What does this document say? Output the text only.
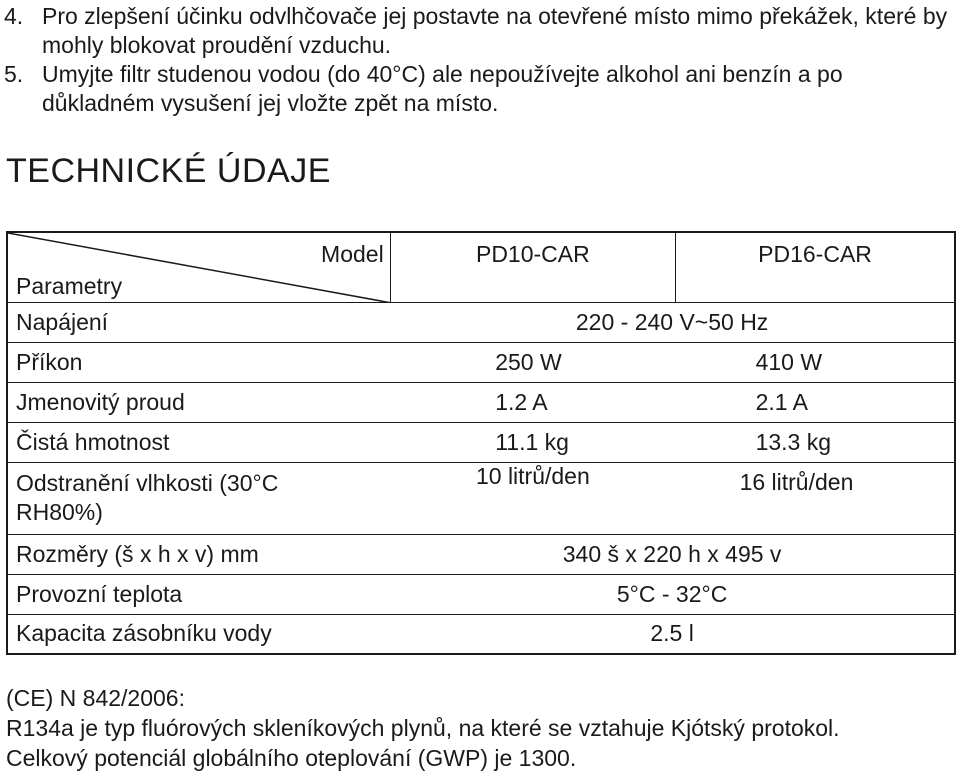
4. Pro zlepšení účinku odvlhčovače jej postavte na otevřené místo mimo překážek, které by mohly blokovat proudění vzduchu.
5. Umyjte filtr studenou vodou (do 40°C) ale nepoužívejte alkohol ani benzín a po důkladném vysušení jej vložte zpět na místo.
TECHNICKÉ ÚDAJE
Model
Parametry	PD10-CAR	PD16-CAR

Napájení	220 - 240 V~50 Hz	
Příkon	250 W	410 W
Jmenovitý proud	1.2 A	2.1 A
Čistá hmotnost	11.1 kg	13.3 kg
Odstranění vlhkosti (30°C RH80%)	10 litrů/den	16 litrů/den
Rozměry (š x h x v) mm	340 š x 220 h x 495 v	
Provozní teplota	5°C - 32°C	
Kapacita zásobníku vody	2.5 l	
(CE) N 842/2006:
R134a je typ fluórových skleníkových plynů, na které se vztahuje Kjótský protokol.
Celkový potenciál globálního oteplování (GWP) je 1300.
